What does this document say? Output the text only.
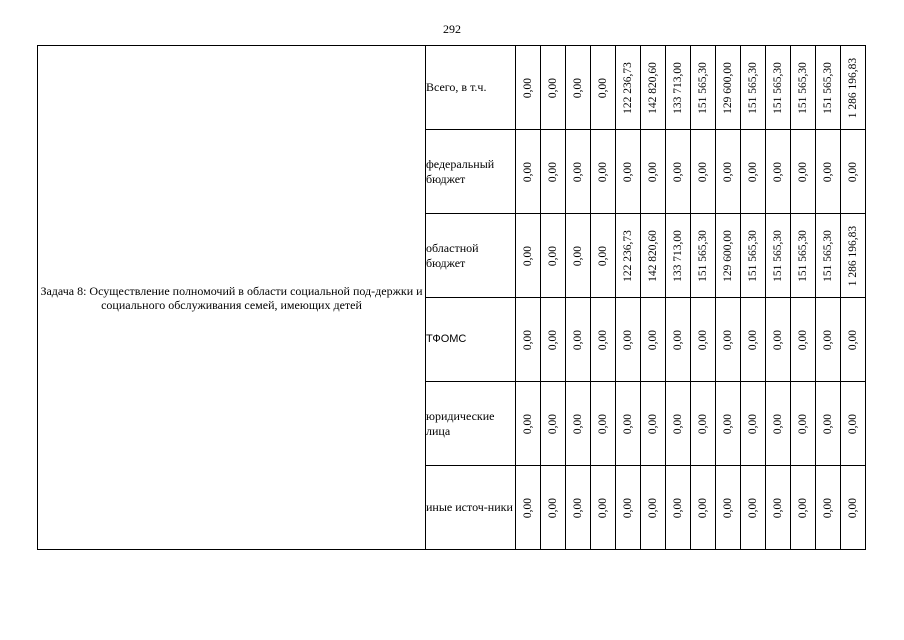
292
Задача 8: Осуществление полномочий в области социальной под-держки и социального обслуживания семей, имеющих детей	Всего, в т.ч.	0,00	0,00	0,00	0,00	122 236,73	142 820,60	133 713,00	151 565,30	129 600,00	151 565,30	151 565,30	151 565,30	151 565,30	1 286 196,83

	федеральный бюджет	0,00	0,00	0,00	0,00	0,00	0,00	0,00	0,00	0,00	0,00	0,00	0,00	0,00	0,00

	областной бюджет	0,00	0,00	0,00	0,00	122 236,73	142 820,60	133 713,00	151 565,30	129 600,00	151 565,30	151 565,30	151 565,30	151 565,30	1 286 196,83

	ТФОМС	0,00	0,00	0,00	0,00	0,00	0,00	0,00	0,00	0,00	0,00	0,00	0,00	0,00	0,00

	юридические лица	0,00	0,00	0,00	0,00	0,00	0,00	0,00	0,00	0,00	0,00	0,00	0,00	0,00	0,00

	иные источ-ники	0,00	0,00	0,00	0,00	0,00	0,00	0,00	0,00	0,00	0,00	0,00	0,00	0,00	0,00
